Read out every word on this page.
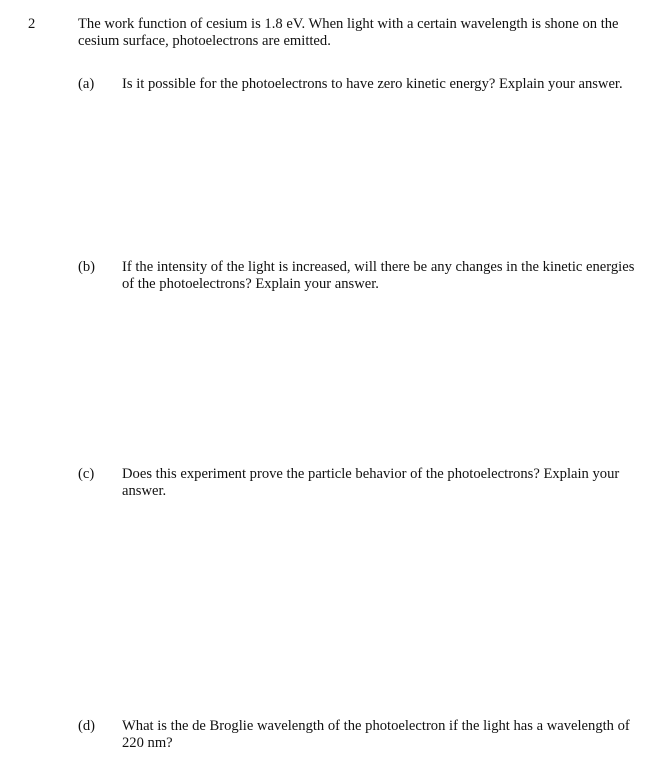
2	The work function of cesium is 1.8 eV. When light with a certain wavelength is shone on the cesium surface, photoelectrons are emitted.
(a) Is it possible for the photoelectrons to have zero kinetic energy? Explain your answer.
(b) If the intensity of the light is increased, will there be any changes in the kinetic energies of the photoelectrons? Explain your answer.
(c) Does this experiment prove the particle behavior of the photoelectrons? Explain your answer.
(d) What is the de Broglie wavelength of the photoelectron if the light has a wavelength of 220 nm?
